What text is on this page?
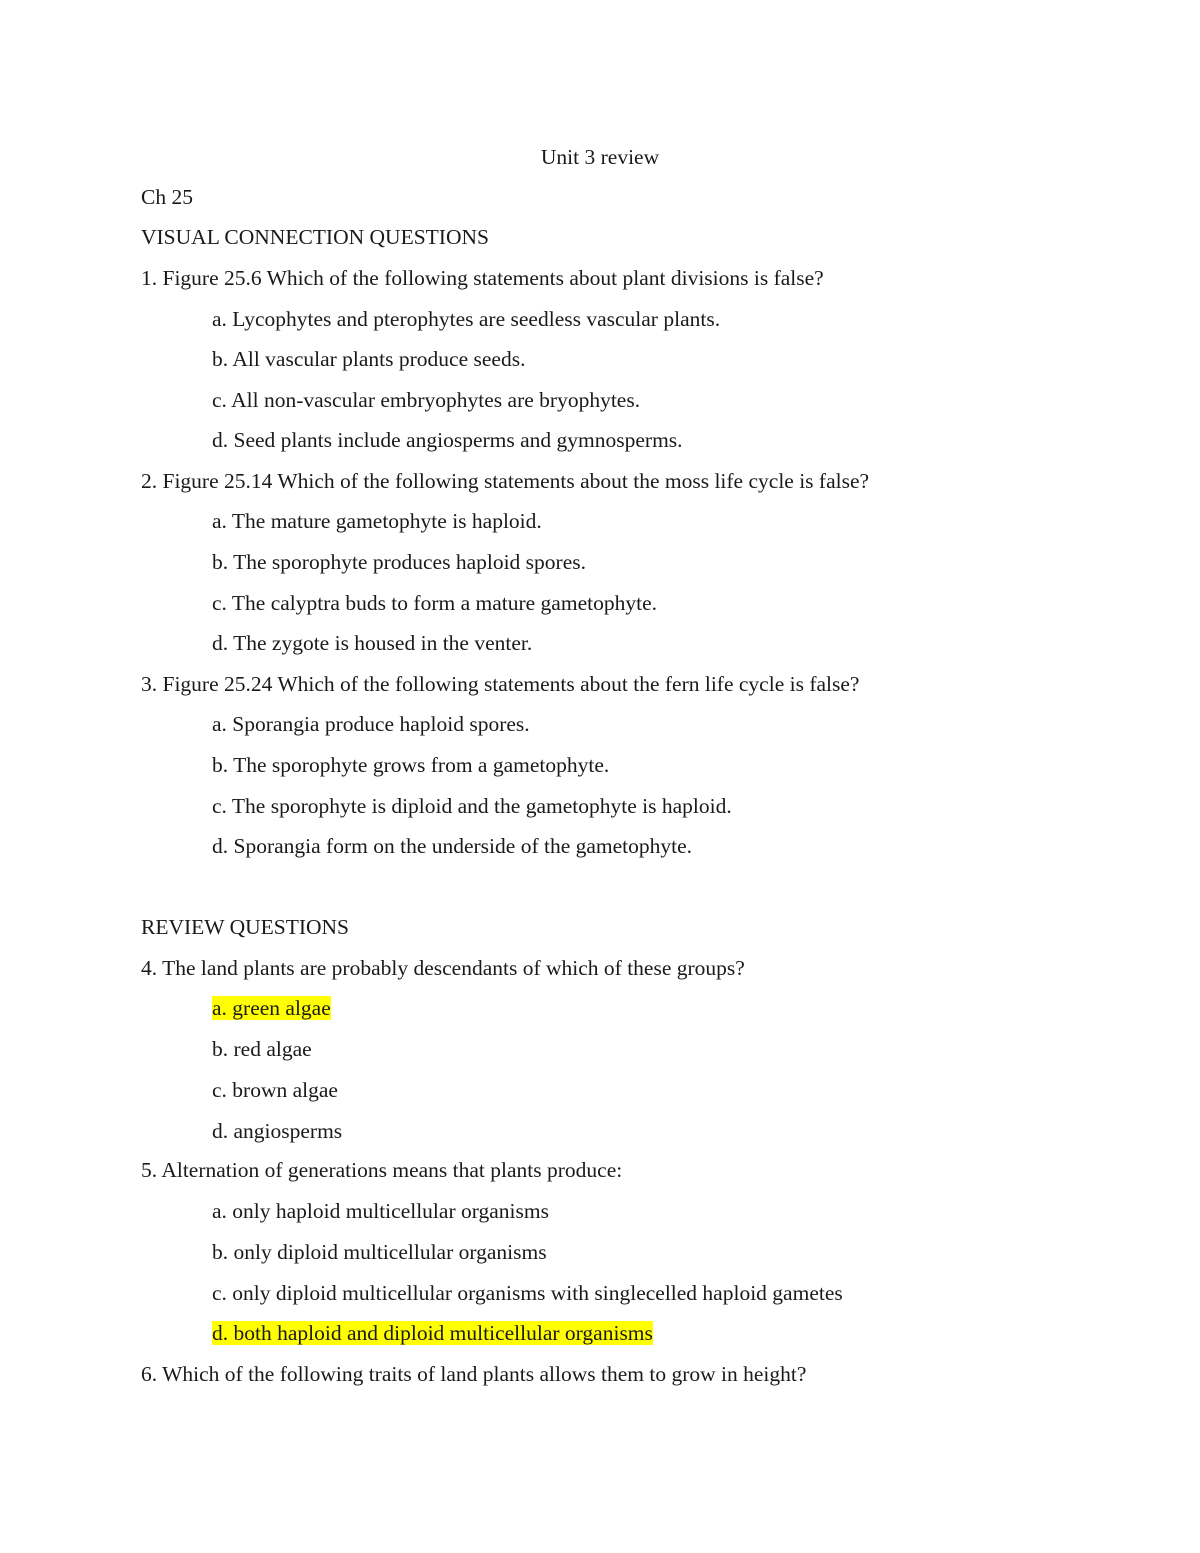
Unit 3 review
Ch 25
VISUAL CONNECTION QUESTIONS
1. Figure 25.6 Which of the following statements about plant divisions is false?
a. Lycophytes and pterophytes are seedless vascular plants.
b. All vascular plants produce seeds.
c. All non-vascular embryophytes are bryophytes.
d. Seed plants include angiosperms and gymnosperms.
2. Figure 25.14 Which of the following statements about the moss life cycle is false?
a. The mature gametophyte is haploid.
b. The sporophyte produces haploid spores.
c. The calyptra buds to form a mature gametophyte.
d. The zygote is housed in the venter.
3. Figure 25.24 Which of the following statements about the fern life cycle is false?
a. Sporangia produce haploid spores.
b. The sporophyte grows from a gametophyte.
c. The sporophyte is diploid and the gametophyte is haploid.
d. Sporangia form on the underside of the gametophyte.
REVIEW QUESTIONS
4. The land plants are probably descendants of which of these groups?
a. green algae
b. red algae
c. brown algae
d. angiosperms
5. Alternation of generations means that plants produce:
a. only haploid multicellular organisms
b. only diploid multicellular organisms
c. only diploid multicellular organisms with singlecelled haploid gametes
d. both haploid and diploid multicellular organisms
6. Which of the following traits of land plants allows them to grow in height?
